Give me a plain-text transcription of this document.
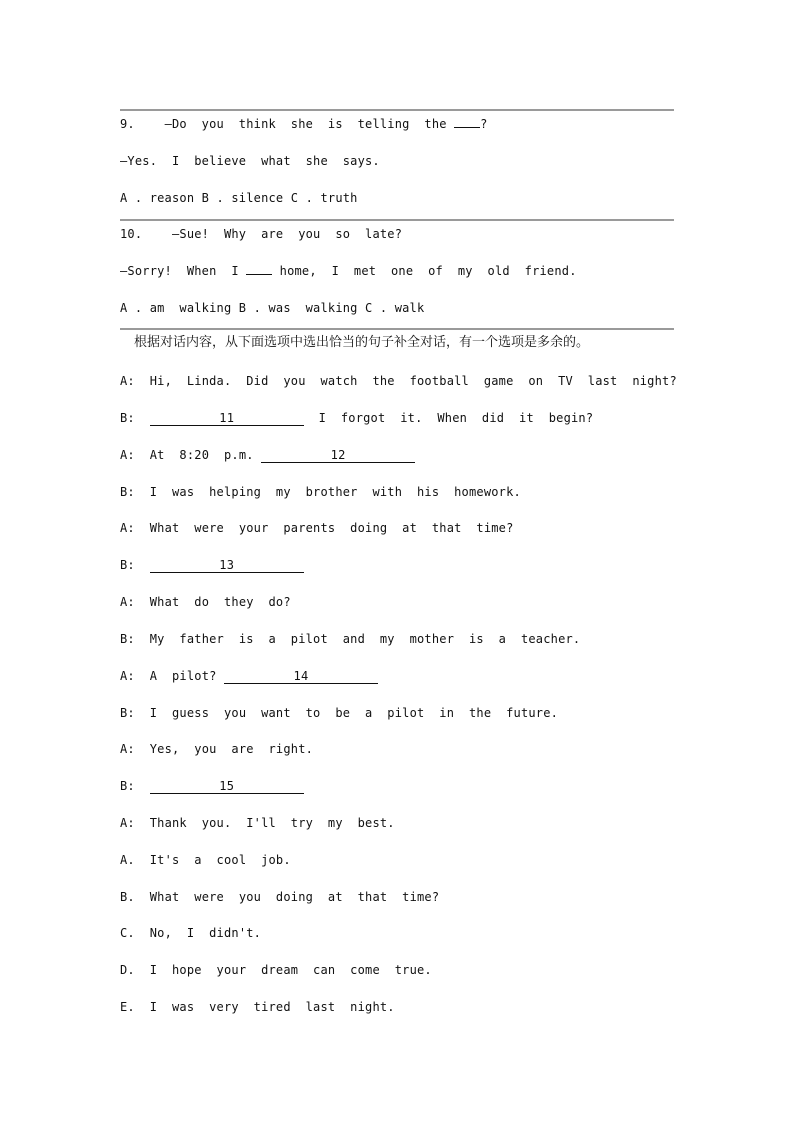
9. —Do  you  think  she  is  telling  the ?
—Yes.  I  believe  what  she  says.
A . reason B . silence C . truth
10. —Sue!  Why  are  you  so  late?
—Sorry!  When  I  home,  I  met  one  of  my  old  friend.
A . am  walking B . was  walking C . walk
根据对话内容，从下面选项中选出恰当的句子补全对话，有一个选项是多余的。
A: Hi,  Linda.  Did  you  watch  the  football  game  on  TV  last  night?
B:	11	I  forgot  it.  When  did  it  begin?
A: At  8:20  p.m.	12
B: I  was  helping  my  brother  with  his  homework.
A: What  were  your  parents  doing  at  that  time?
B:	13
A: What  do  they  do?
B: My  father  is  a  pilot  and  my  mother  is  a  teacher.
A: A  pilot?	14
B: I  guess  you  want  to  be  a  pilot  in  the  future.
A: Yes,  you  are  right.
B:	15
A: Thank  you.  I'll  try  my  best.
A. It's  a  cool  job.
B. What  were  you  doing  at  that  time?
C. No,  I  didn't.
D. I  hope  your  dream  can  come  true.
E. I  was  very  tired  last  night.
